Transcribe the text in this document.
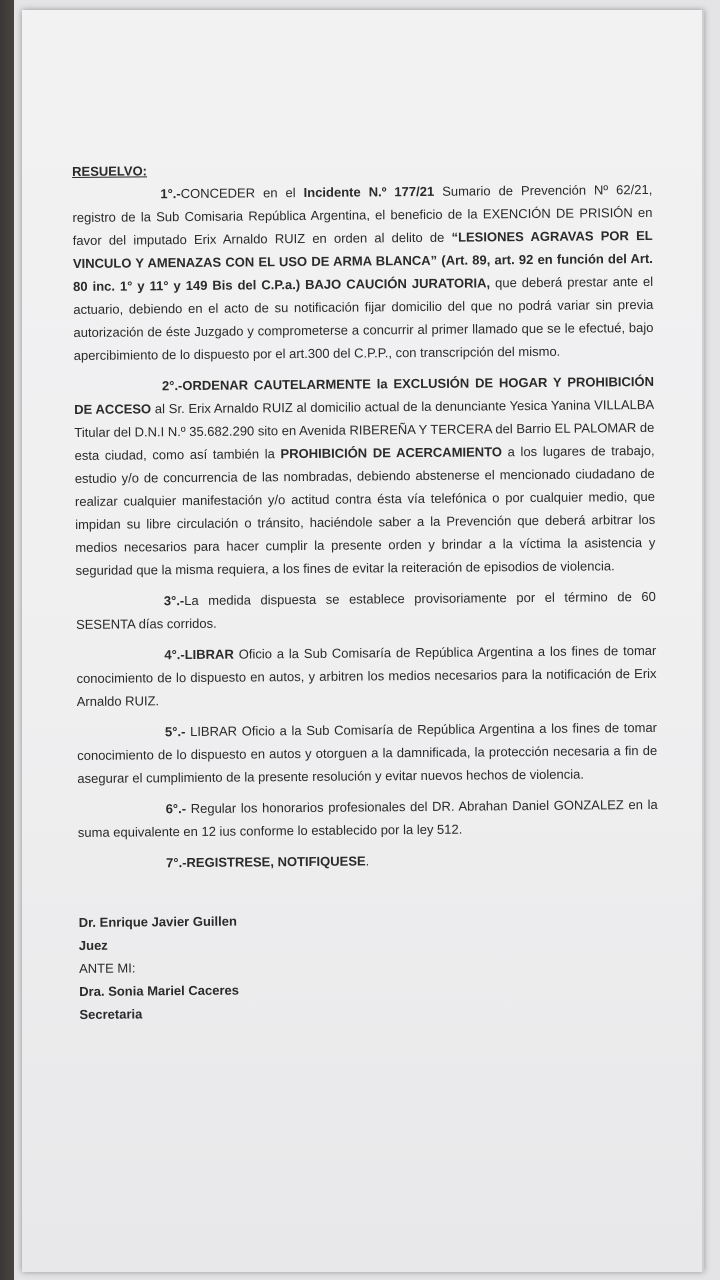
RESUELVO:

1°.-CONCEDER en el Incidente N.º 177/21 Sumario de Prevención Nº 62/21, registro de la Sub Comisaria República Argentina, el beneficio de la EXENCIÓN DE PRISIÓN en favor del imputado Erix Arnaldo RUIZ en orden al delito de “LESIONES AGRAVAS POR EL VINCULO Y AMENAZAS CON EL USO DE ARMA BLANCA” (Art. 89, art. 92 en función del Art. 80 inc. 1° y 11° y 149 Bis del C.P.a.) BAJO CAUCIÓN JURATORIA, que deberá prestar ante el actuario, debiendo en el acto de su notificación fijar domicilio del que no podrá variar sin previa autorización de éste Juzgado y comprometerse a concurrir al primer llamado que se le efectué, bajo apercibimiento de lo dispuesto por el art.300 del C.P.P., con transcripción del mismo.

2°.-ORDENAR CAUTELARMENTE la EXCLUSIÓN DE HOGAR Y PROHIBICIÓN DE ACCESO al Sr. Erix Arnaldo RUIZ al domicilio actual de la denunciante Yesica Yanina VILLALBA Titular del D.N.I N.º 35.682.290 sito en Avenida RIBEREÑA Y TERCERA del Barrio EL PALOMAR de esta ciudad, como así también la PROHIBICIÓN DE ACERCAMIENTO a los lugares de trabajo, estudio y/o de concurrencia de las nombradas, debiendo abstenerse el mencionado ciudadano de realizar cualquier manifestación y/o actitud contra ésta vía telefónica o por cualquier medio, que impidan su libre circulación o tránsito, haciéndole saber a la Prevención que deberá arbitrar los medios necesarios para hacer cumplir la presente orden y brindar a la víctima la asistencia y seguridad que la misma requiera, a los fines de evitar la reiteración de episodios de violencia.

3°.-La medida dispuesta se establece provisoriamente por el término de 60 SESENTA días corridos.

4°.-LIBRAR Oficio a la Sub Comisaría de República Argentina a los fines de tomar conocimiento de lo dispuesto en autos, y arbitren los medios necesarios para la notificación de Erix Arnaldo RUIZ.

5°.- LIBRAR Oficio a la Sub Comisaría de República Argentina a los fines de tomar conocimiento de lo dispuesto en autos y otorguen a la damnificada, la protección necesaria a fin de asegurar el cumplimiento de la presente resolución y evitar nuevos hechos de violencia.

6°.- Regular los honorarios profesionales del DR. Abrahan Daniel GONZALEZ en la suma equivalente en 12 ius conforme lo establecido por la ley 512.

7°.-REGISTRESE, NOTIFIQUESE.

Dr. Enrique Javier Guillen

Juez

ANTE MI:

Dra. Sonia Mariel Caceres

Secretaria
